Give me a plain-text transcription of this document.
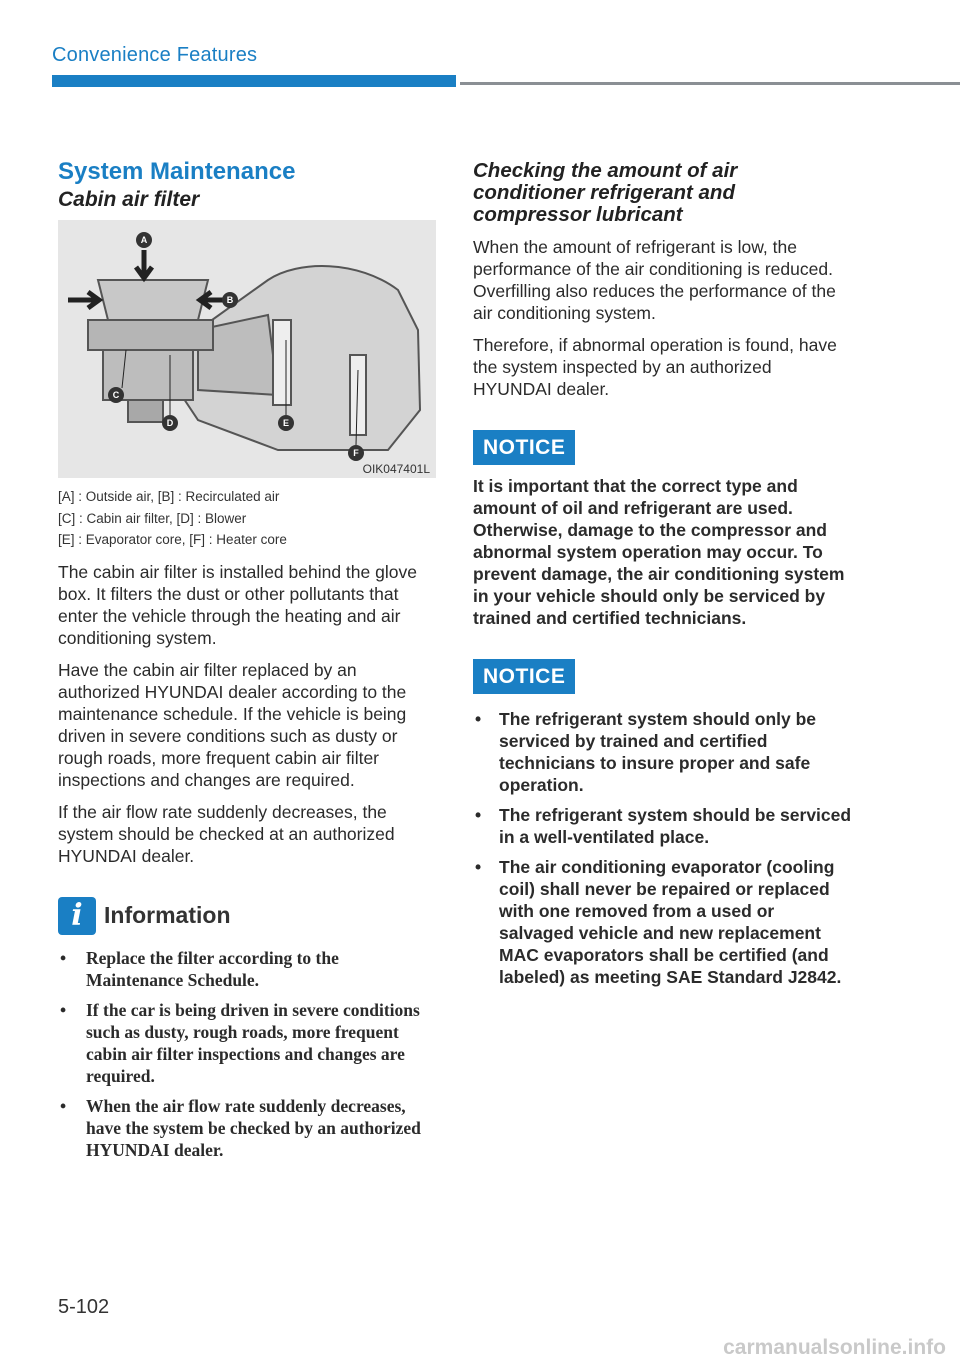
Convenience Features
System Maintenance
Cabin air filter
A
B
C
D	E
F
OIK047401L
[A] : Outside air, [B] : Recirculated air
[C] : Cabin air filter, [D] : Blower
[E] : Evaporator core, [F] : Heater core

The cabin air filter is installed behind the glove box. It filters the dust or other pollutants that enter the vehicle through the heating and air conditioning system.

Have the cabin air filter replaced by an authorized HYUNDAI dealer according to the maintenance schedule. If the vehicle is being driven in severe conditions such as dusty or rough roads, more frequent cabin air filter inspections and changes are required.

If the air flow rate suddenly decreases, the system should be checked at an authorized HYUNDAI dealer.

i Information
• Replace the filter according to the Maintenance Schedule.
• If the car is being driven in severe conditions such as dusty, rough roads, more frequent cabin air filter inspections and changes are required.
• When the air flow rate suddenly decreases, have the system be checked by an authorized HYUNDAI dealer.
Checking the amount of air conditioner refrigerant and compressor lubricant

When the amount of refrigerant is low, the performance of the air conditioning is reduced. Overfilling also reduces the performance of the air conditioning system.

Therefore, if abnormal operation is found, have the system inspected by an authorized HYUNDAI dealer.

NOTICE

It is important that the correct type and amount of oil and refrigerant are used. Otherwise, damage to the compressor and abnormal system operation may occur. To prevent damage, the air conditioning system in your vehicle should only be serviced by trained and certified technicians.

NOTICE
• The refrigerant system should only be serviced by trained and certified technicians to insure proper and safe operation.
• The refrigerant system should be serviced in a well-ventilated place.
• The air conditioning evaporator (cooling coil) shall never be repaired or replaced with one removed from a used or salvaged vehicle and new replacement MAC evaporators shall be certified (and labeled) as meeting SAE Standard J2842.
5-102
carmanualsonline.info
